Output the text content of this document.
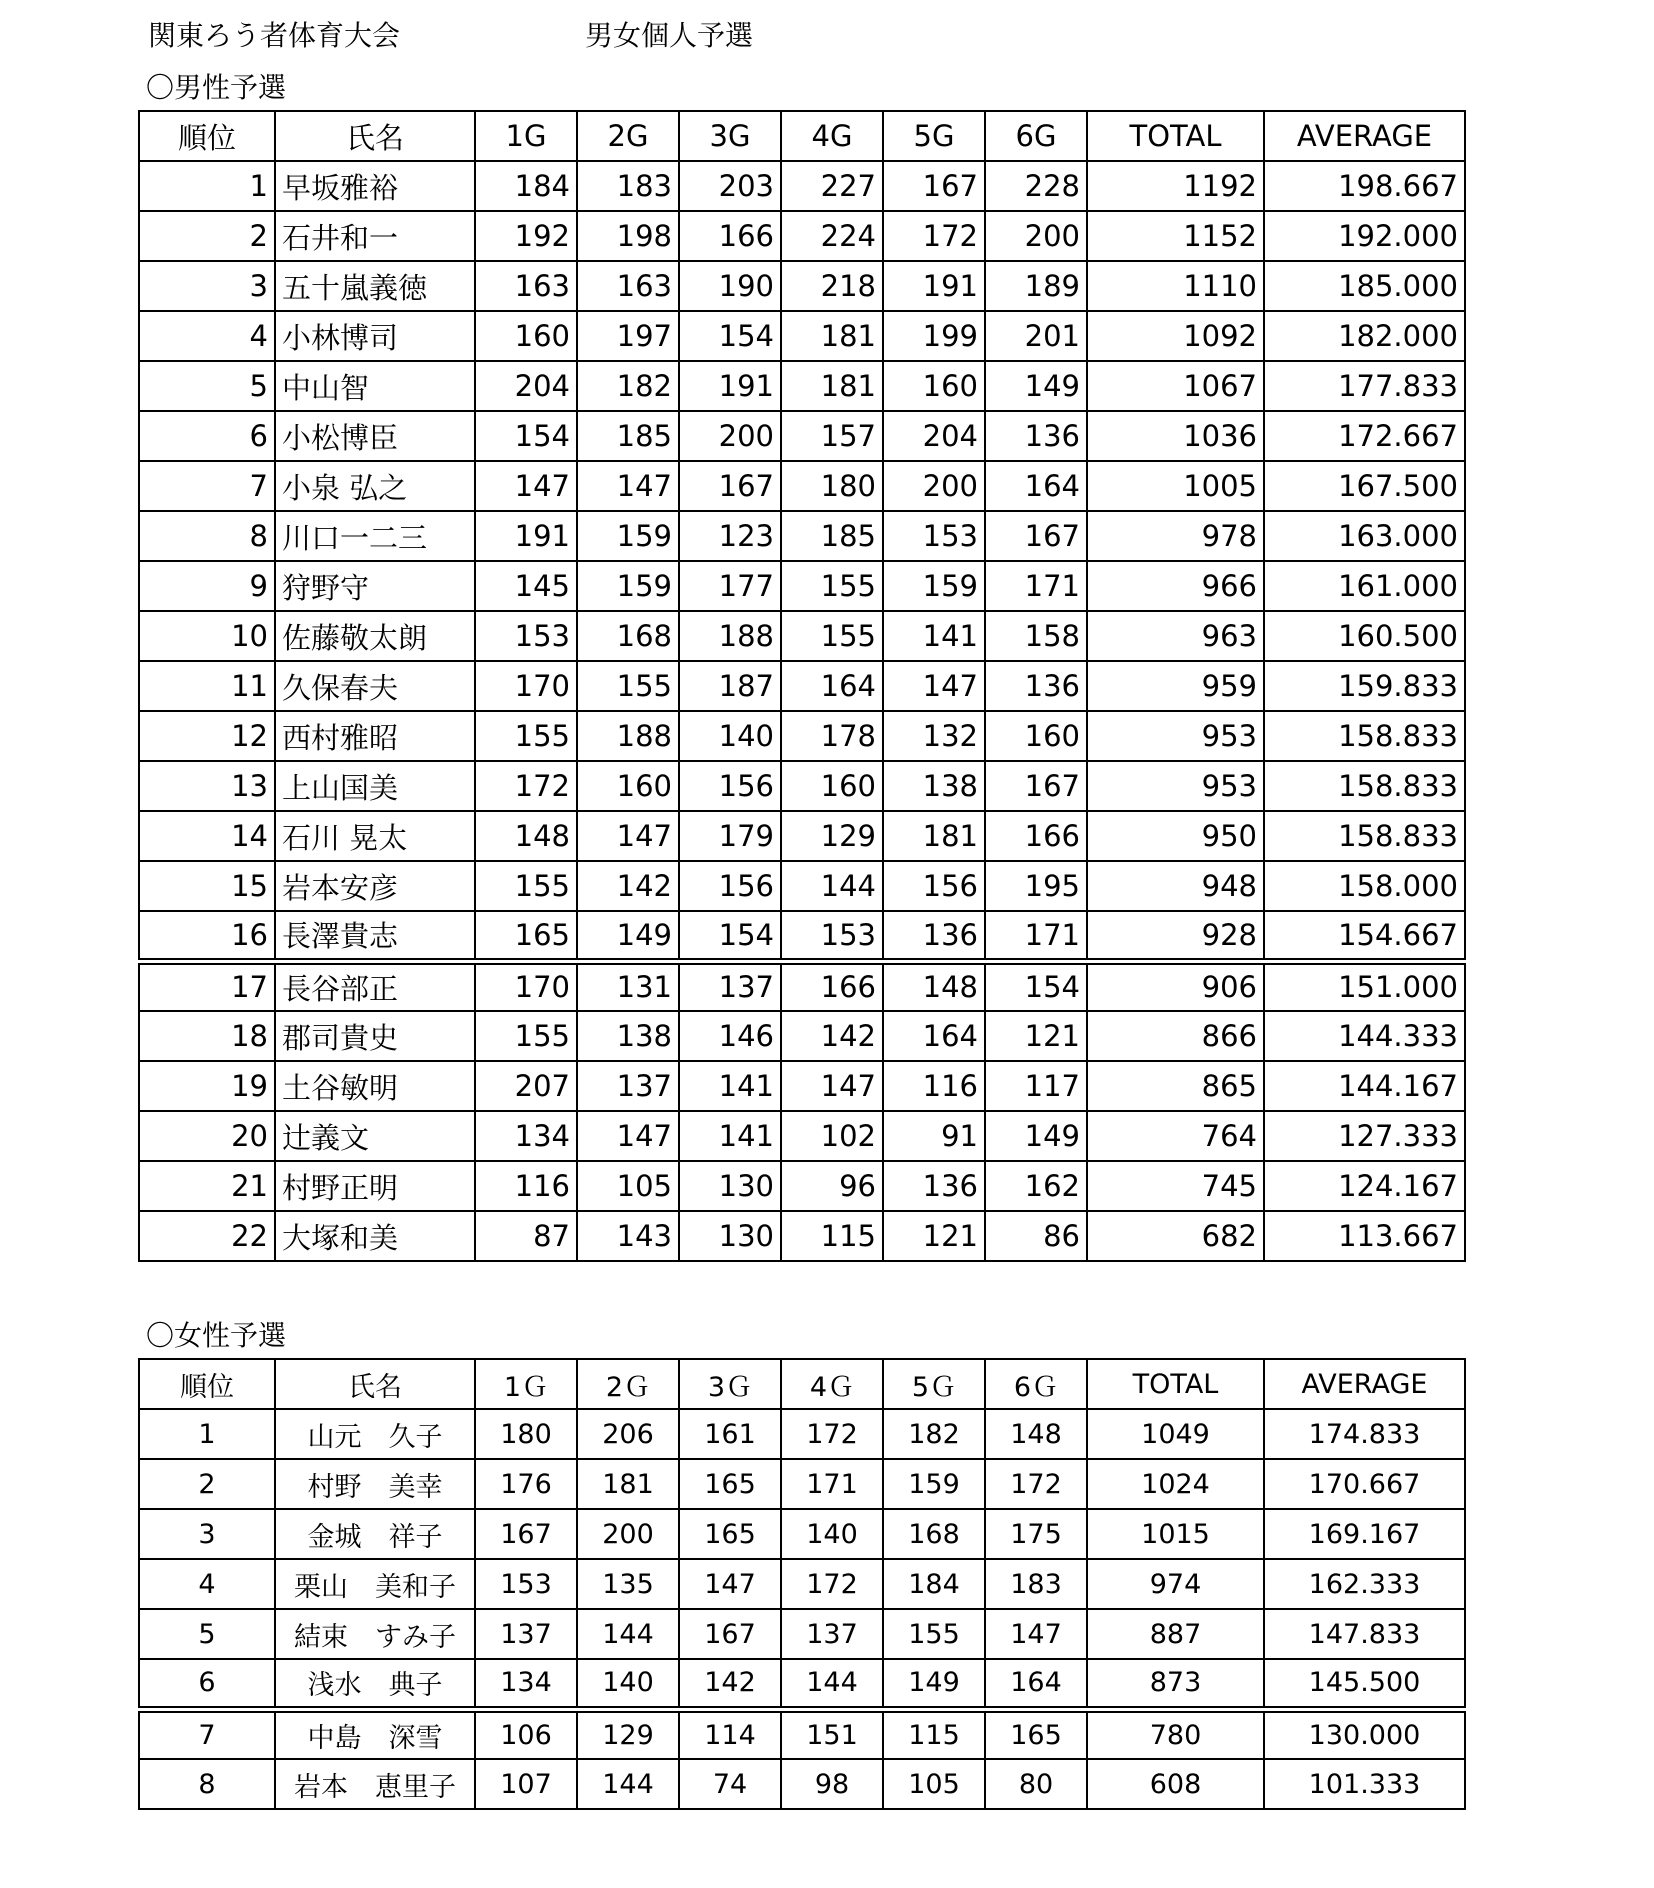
関東ろう者体育大会	男女個人予選
〇男性予選
順位	氏名	1G	2G	3G	4G	5G	6G	TOTAL	AVERAGE
1	早坂雅裕	184	183	203	227	167	228	1192	198.667
2	石井和一	192	198	166	224	172	200	1152	192.000
3	五十嵐義徳	163	163	190	218	191	189	1110	185.000
4	小林博司	160	197	154	181	199	201	1092	182.000
5	中山智	204	182	191	181	160	149	1067	177.833
6	小松博臣	154	185	200	157	204	136	1036	172.667
7	小泉 弘之	147	147	167	180	200	164	1005	167.500
8	川口一二三	191	159	123	185	153	167	978	163.000
9	狩野守	145	159	177	155	159	171	966	161.000
10	佐藤敬太朗	153	168	188	155	141	158	963	160.500
11	久保春夫	170	155	187	164	147	136	959	159.833
12	西村雅昭	155	188	140	178	132	160	953	158.833
13	上山国美	172	160	156	160	138	167	953	158.833
14	石川 晃太	148	147	179	129	181	166	950	158.833
15	岩本安彦	155	142	156	144	156	195	948	158.000
16	長澤貴志	165	149	154	153	136	171	928	154.667
17	長谷部正	170	131	137	166	148	154	906	151.000
18	郡司貴史	155	138	146	142	164	121	866	144.333
19	土谷敏明	207	137	141	147	116	117	865	144.167
20	辻義文	134	147	141	102	91	149	764	127.333
21	村野正明	116	105	130	96	136	162	745	124.167
22	大塚和美	87	143	130	115	121	86	682	113.667
〇女性予選
順位	氏名	1Ｇ	2Ｇ	3Ｇ	4Ｇ	5Ｇ	6Ｇ	TOTAL	AVERAGE
1	山元　久子	180	206	161	172	182	148	1049	174.833
2	村野　美幸	176	181	165	171	159	172	1024	170.667
3	金城　祥子	167	200	165	140	168	175	1015	169.167
4	栗山　美和子	153	135	147	172	184	183	974	162.333
5	結束　すみ子	137	144	167	137	155	147	887	147.833
6	浅水　典子	134	140	142	144	149	164	873	145.500
7	中島　深雪	106	129	114	151	115	165	780	130.000
8	岩本　恵里子	107	144	74	98	105	80	608	101.333
